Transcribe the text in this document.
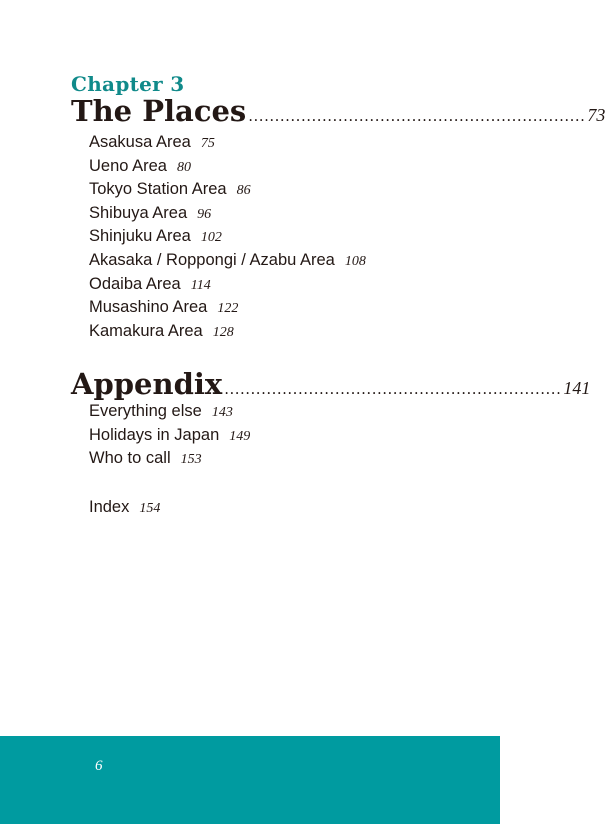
Chapter 3
The Places ................................................................ 73
Asakusa Area 75
Ueno Area 80
Tokyo Station Area 86
Shibuya Area 96
Shinjuku Area 102
Akasaka / Roppongi / Azabu Area 108
Odaiba Area 114
Musashino Area 122
Kamakura Area 128
Appendix ................................................................ 141
Everything else 143
Holidays in Japan 149
Who to call 153
Index 154
6
